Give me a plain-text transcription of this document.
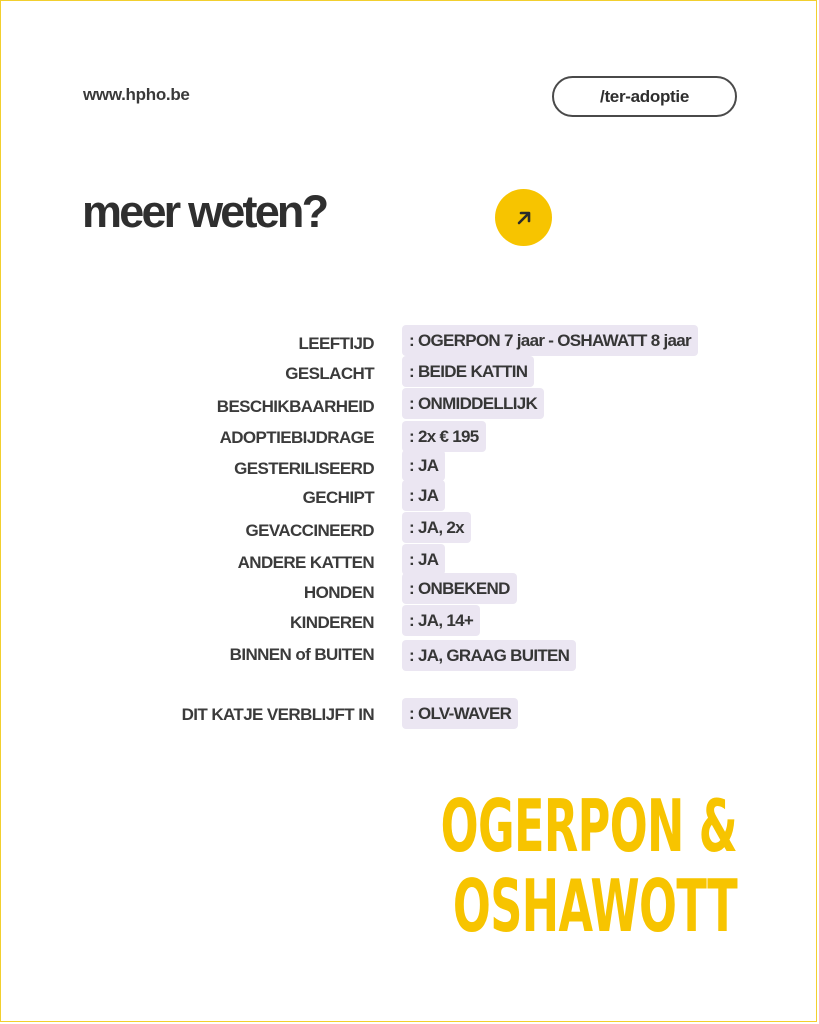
www.hpho.be	/ter-adoptie
meer weten?
LEEFTIJD	: OGERPON 7 jaar - OSHAWATT 8 jaar
GESLACHT	: BEIDE KATTIN
BESCHIKBAARHEID	: ONMIDDELLIJK
ADOPTIEBIJDRAGE	: 2x € 195
GESTERILISEERD	: JA
GECHIPT	: JA
GEVACCINEERD	: JA, 2x
ANDERE KATTEN	: JA
HONDEN	: ONBEKEND
KINDEREN	: JA, 14+
BINNEN of BUITEN	: JA, GRAAG BUITEN
DIT KATJE VERBLIJFT IN	: OLV-WAVER
OGERPON &
OSHAWOTT
